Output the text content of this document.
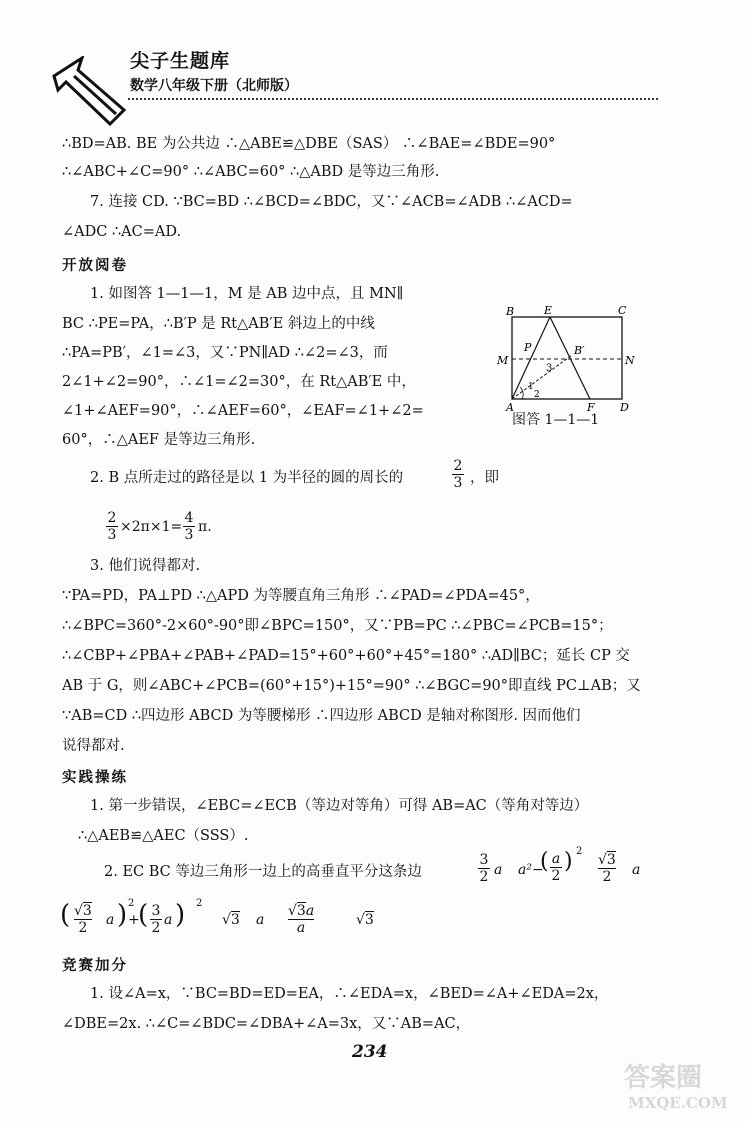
尖子生题库
数学八年级下册（北师版）
∴BD=AB. BE 为公共边 ∴△ABE≌△DBE（SAS） ∴∠BAE=∠BDE=90°
∴∠ABC+∠C=90° ∴∠ABC=60° ∴△ABD 是等边三角形.
7. 连接 CD. ∵BC=BD ∴∠BCD=∠BDC，又∵∠ACB=∠ADB ∴∠ACD=
∠ADC ∴AC=AD.
开放阅卷
1. 如图答 1—1—1，M 是 AB 边中点，且 MN∥
BC ∴PE=PA，∴B′P 是 Rt△AB′E 斜边上的中线
∴PA=PB′，∠1=∠3，又∵PN∥AD ∴∠2=∠3，而
2∠1+∠2=90°，∴∠1=∠2=30°，在 Rt△AB′E 中，
∠1+∠AEF=90°，∴∠AEF=60°，∠EAF=∠1+∠2=
60°，∴△AEF 是等边三角形.
B	E	C
P	B′
M	N
3
1
2
A	F D
图答 1—1—1
2. B 点所走过的路径是以 1 为半径的圆的周长的	$\frac{2}{3}$ ，即
$\frac{2}{3} \times 2\pi\times 1= \frac{4}{3} \pi$.
3. 他们说得都对.
∵PA=PD，PA⊥PD ∴△APD 为等腰直角三角形 ∴∠PAD=∠PDA=45°，
∴∠BPC=360°-2×60°-90°即∠BPC=150°，又∵PB=PC ∴∠PBC=∠PCB=15°；
∴∠CBP+∠PBA+∠PAB+∠PAD=15°+60°+60°+45°=180° ∴AD∥BC；延长 CP 交
AB 于 G，则∠ABC+∠PCB=(60°+15°)+15°=90° ∴∠BGC=90°即直线 PC⊥AB；又
∵AB=CD ∴四边形 ABCD 为等腰梯形 ∴四边形 ABCD 是轴对称图形. 因而他们
说得都对.
实践操练
1. 第一步错误，∠EBC=∠ECB（等边对等角）可得 AB=AC（等角对等边）
∴△AEB≌△AEC（SSS）.
2. EC BC 等边三角形一边上的高垂直平分这条边	$\frac{3}{2}$ a a²−
( $\frac{a}{2}$ ) 2
√3
2	a
( √3
2	a ) 2
+
( $\frac{3}{2}$ a ) 2
√3 a
√3a
a	√3
竞赛加分
1. 设∠A=x，∵BC=BD=ED=EA，∴∠EDA=x，∠BED=∠A+∠EDA=2x，
∠DBE=2x. ∴∠C=∠BDC=∠DBA+∠A=3x，又∵AB=AC，
234
答案圈
MXQE.COM
